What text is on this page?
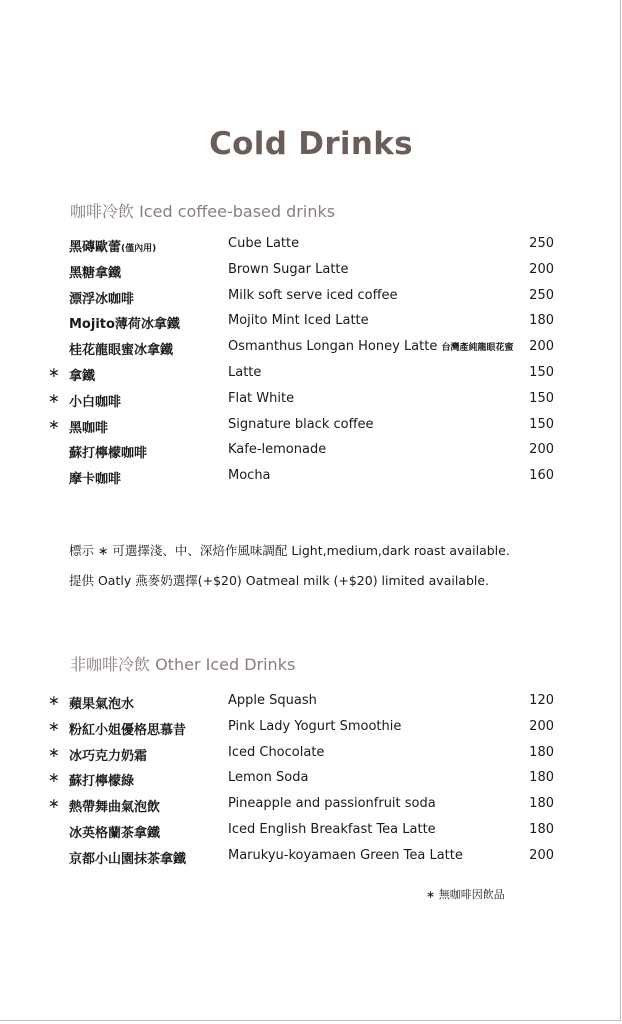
Cold Drinks
咖啡冷飲 Iced coffee-based drinks
黑磚歐蕾(僅內用)	Cube Latte	250
黑糖拿鐵	Brown Sugar Latte	200
漂浮冰咖啡	Milk soft serve iced coffee	250
Mojito薄荷冰拿鐵	Mojito Mint Iced Latte	180
桂花龍眼蜜冰拿鐵	Osmanthus Longan Honey Latte 台灣產純龍眼花蜜 200
∗ 拿鐵	Latte	150
∗ 小白咖啡	Flat White	150
∗ 黑咖啡	Signature black coffee	150
蘇打檸檬咖啡	Kafe-lemonade	200
摩卡咖啡	Mocha	160
標示 ∗ 可選擇淺、中、深焙作風味調配 Light,medium,dark roast available.
提供 Oatly 燕麥奶選擇(+$20) Oatmeal milk (+$20) limited available.
非咖啡冷飲 Other Iced Drinks
∗ 蘋果氣泡水	Apple Squash	120
∗ 粉紅小姐優格思慕昔	Pink Lady Yogurt Smoothie	200
∗ 冰巧克力奶霜	Iced Chocolate	180
∗ 蘇打檸檬綠	Lemon Soda	180
∗ 熱帶舞曲氣泡飲	Pineapple and passionfruit soda	180
冰英格蘭茶拿鐵	Iced English Breakfast Tea Latte	180
京都小山園抹茶拿鐵	Marukyu-koyamaen Green Tea Latte	200
∗ 無咖啡因飲品
